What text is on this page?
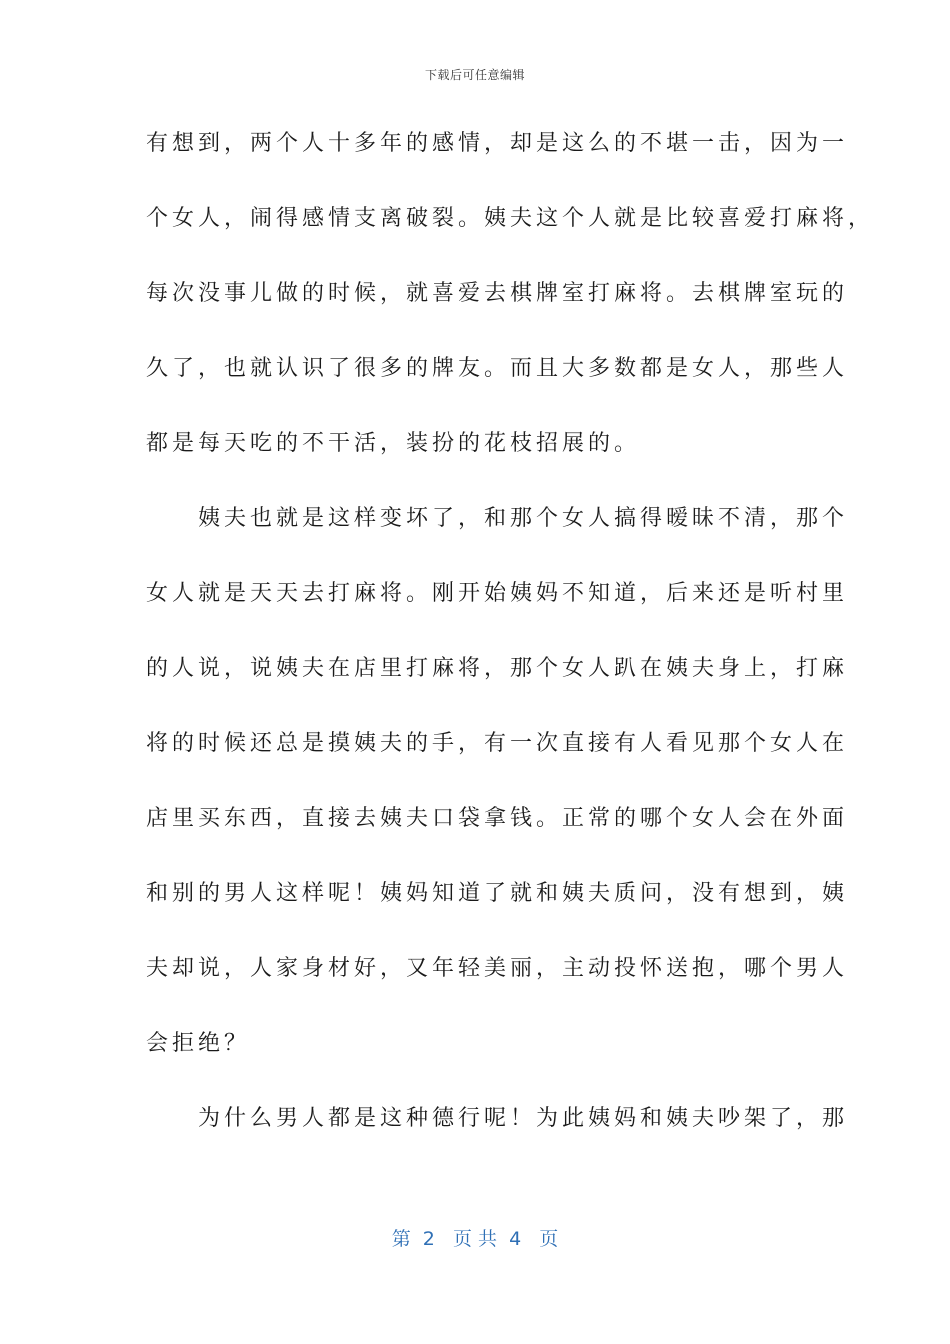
下载后可任意编辑
有想到，两个人十多年的感情，却是这么的不堪一击，因为一
个女人，闹得感情支离破裂。姨夫这个人就是比较喜爱打麻将，
每次没事儿做的时候，就喜爱去棋牌室打麻将。去棋牌室玩的
久了，也就认识了很多的牌友。而且大多数都是女人，那些人
都是每天吃的不干活，装扮的花枝招展的。
　　姨夫也就是这样变坏了，和那个女人搞得暧昧不清，那个
女人就是天天去打麻将。刚开始姨妈不知道，后来还是听村里
的人说，说姨夫在店里打麻将，那个女人趴在姨夫身上，打麻
将的时候还总是摸姨夫的手，有一次直接有人看见那个女人在
店里买东西，直接去姨夫口袋拿钱。正常的哪个女人会在外面
和别的男人这样呢！姨妈知道了就和姨夫质问，没有想到，姨
夫却说，人家身材好，又年轻美丽，主动投怀送抱，哪个男人
会拒绝？
　　为什么男人都是这种德行呢！为此姨妈和姨夫吵架了，那
第  2   页 共  4   页
